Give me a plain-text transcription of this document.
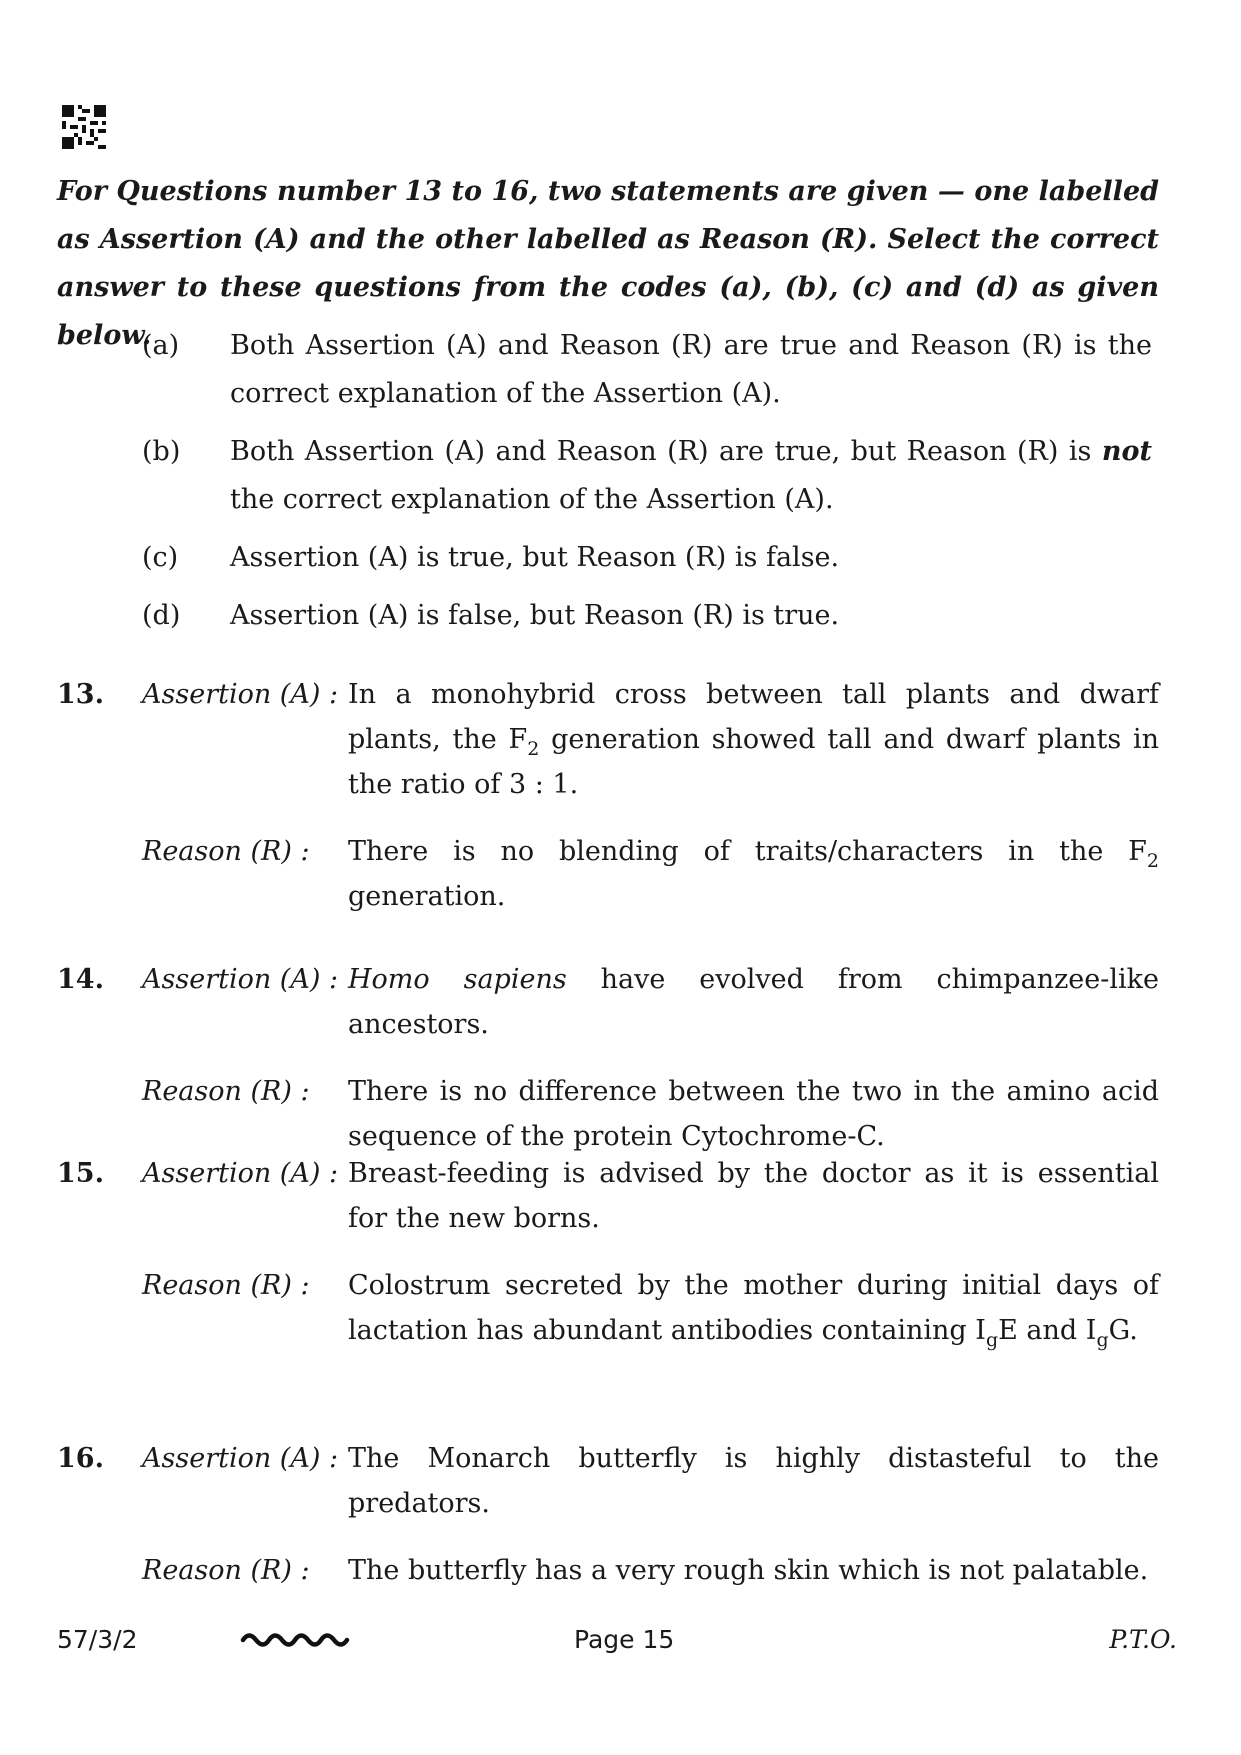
For Questions number 13 to 16, two statements are given — one labelled as Assertion (A) and the other labelled as Reason (R). Select the correct answer to these questions from the codes (a), (b), (c) and (d) as given below.
(a) Both Assertion (A) and Reason (R) are true and Reason (R) is the correct explanation of the Assertion (A).
(b) Both Assertion (A) and Reason (R) are true, but Reason (R) is not the correct explanation of the Assertion (A).
(c) Assertion (A) is true, but Reason (R) is false.
(d) Assertion (A) is false, but Reason (R) is true.
13. Assertion (A) : In a monohybrid cross between tall plants and dwarf plants, the $F_2$ generation showed tall and dwarf plants in the ratio of 3 : 1.
Reason (R) : There is no blending of traits/characters in the $F_2$ generation.
14. Assertion (A) : Homo sapiens have evolved from chimpanzee-like ancestors.
Reason (R) : There is no difference between the two in the amino acid sequence of the protein Cytochrome-C.
15. Assertion (A) : Breast-feeding is advised by the doctor as it is essential for the new borns.
Reason (R) : Colostrum secreted by the mother during initial days of lactation has abundant antibodies containing $I_gE$ and $I_gG$.
16. Assertion (A) : The Monarch butterfly is highly distasteful to the predators.
Reason (R) : The butterfly has a very rough skin which is not palatable.
57/3/2	Page 15	P.T.O.
